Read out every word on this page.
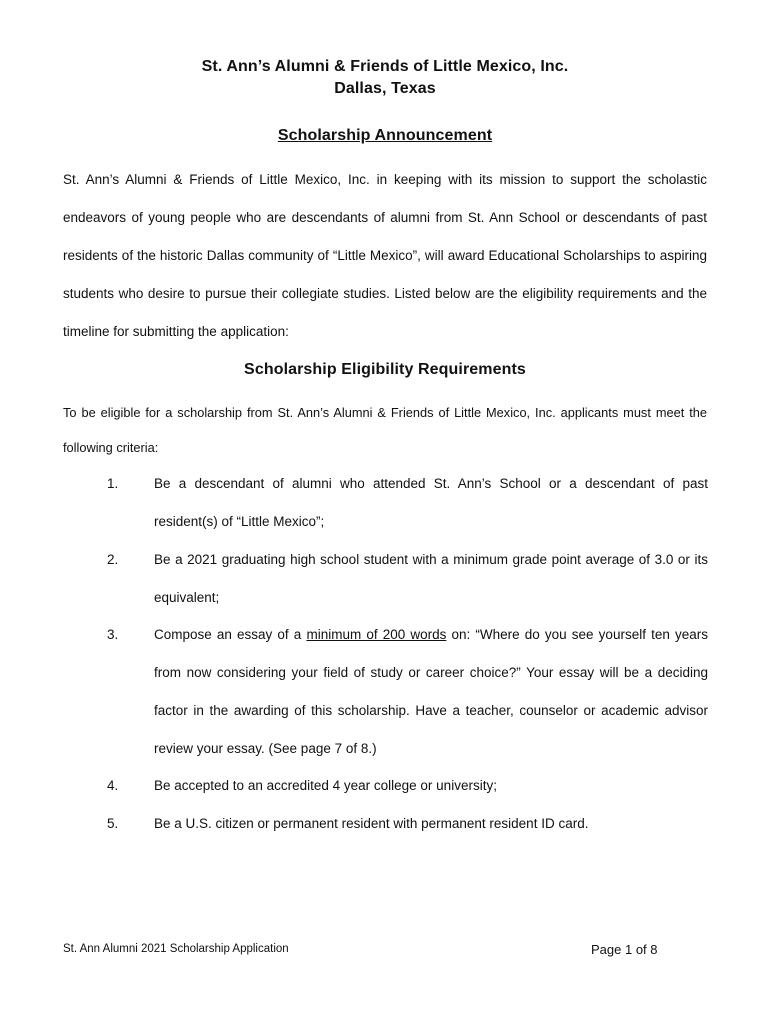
St. Ann’s Alumni & Friends of Little Mexico, Inc.
Dallas, Texas
Scholarship Announcement
St. Ann’s Alumni & Friends of Little Mexico, Inc. in keeping with its mission to support the scholastic endeavors of young people who are descendants of alumni from St. Ann School or descendants of past residents of the historic Dallas community of “Little Mexico”, will award Educational Scholarships to aspiring students who desire to pursue their collegiate studies. Listed below are the eligibility requirements and the timeline for submitting the application:
Scholarship Eligibility Requirements
To be eligible for a scholarship from St. Ann’s Alumni & Friends of Little Mexico, Inc. applicants must meet the following criteria:
1.	Be a descendant of alumni who attended St. Ann’s School or a descendant of past resident(s) of “Little Mexico”;
2.	Be a 2021 graduating high school student with a minimum grade point average of 3.0 or its equivalent;
3.	Compose an essay of a minimum of 200 words on: “Where do you see yourself ten years from now considering your field of study or career choice?” Your essay will be a deciding factor in the awarding of this scholarship. Have a teacher, counselor or academic advisor review your essay. (See page 7 of 8.)
4.	Be accepted to an accredited 4 year college or university;
5.	Be a U.S. citizen or permanent resident with permanent resident ID card.
St. Ann Alumni 2021 Scholarship Application	Page 1 of 8
